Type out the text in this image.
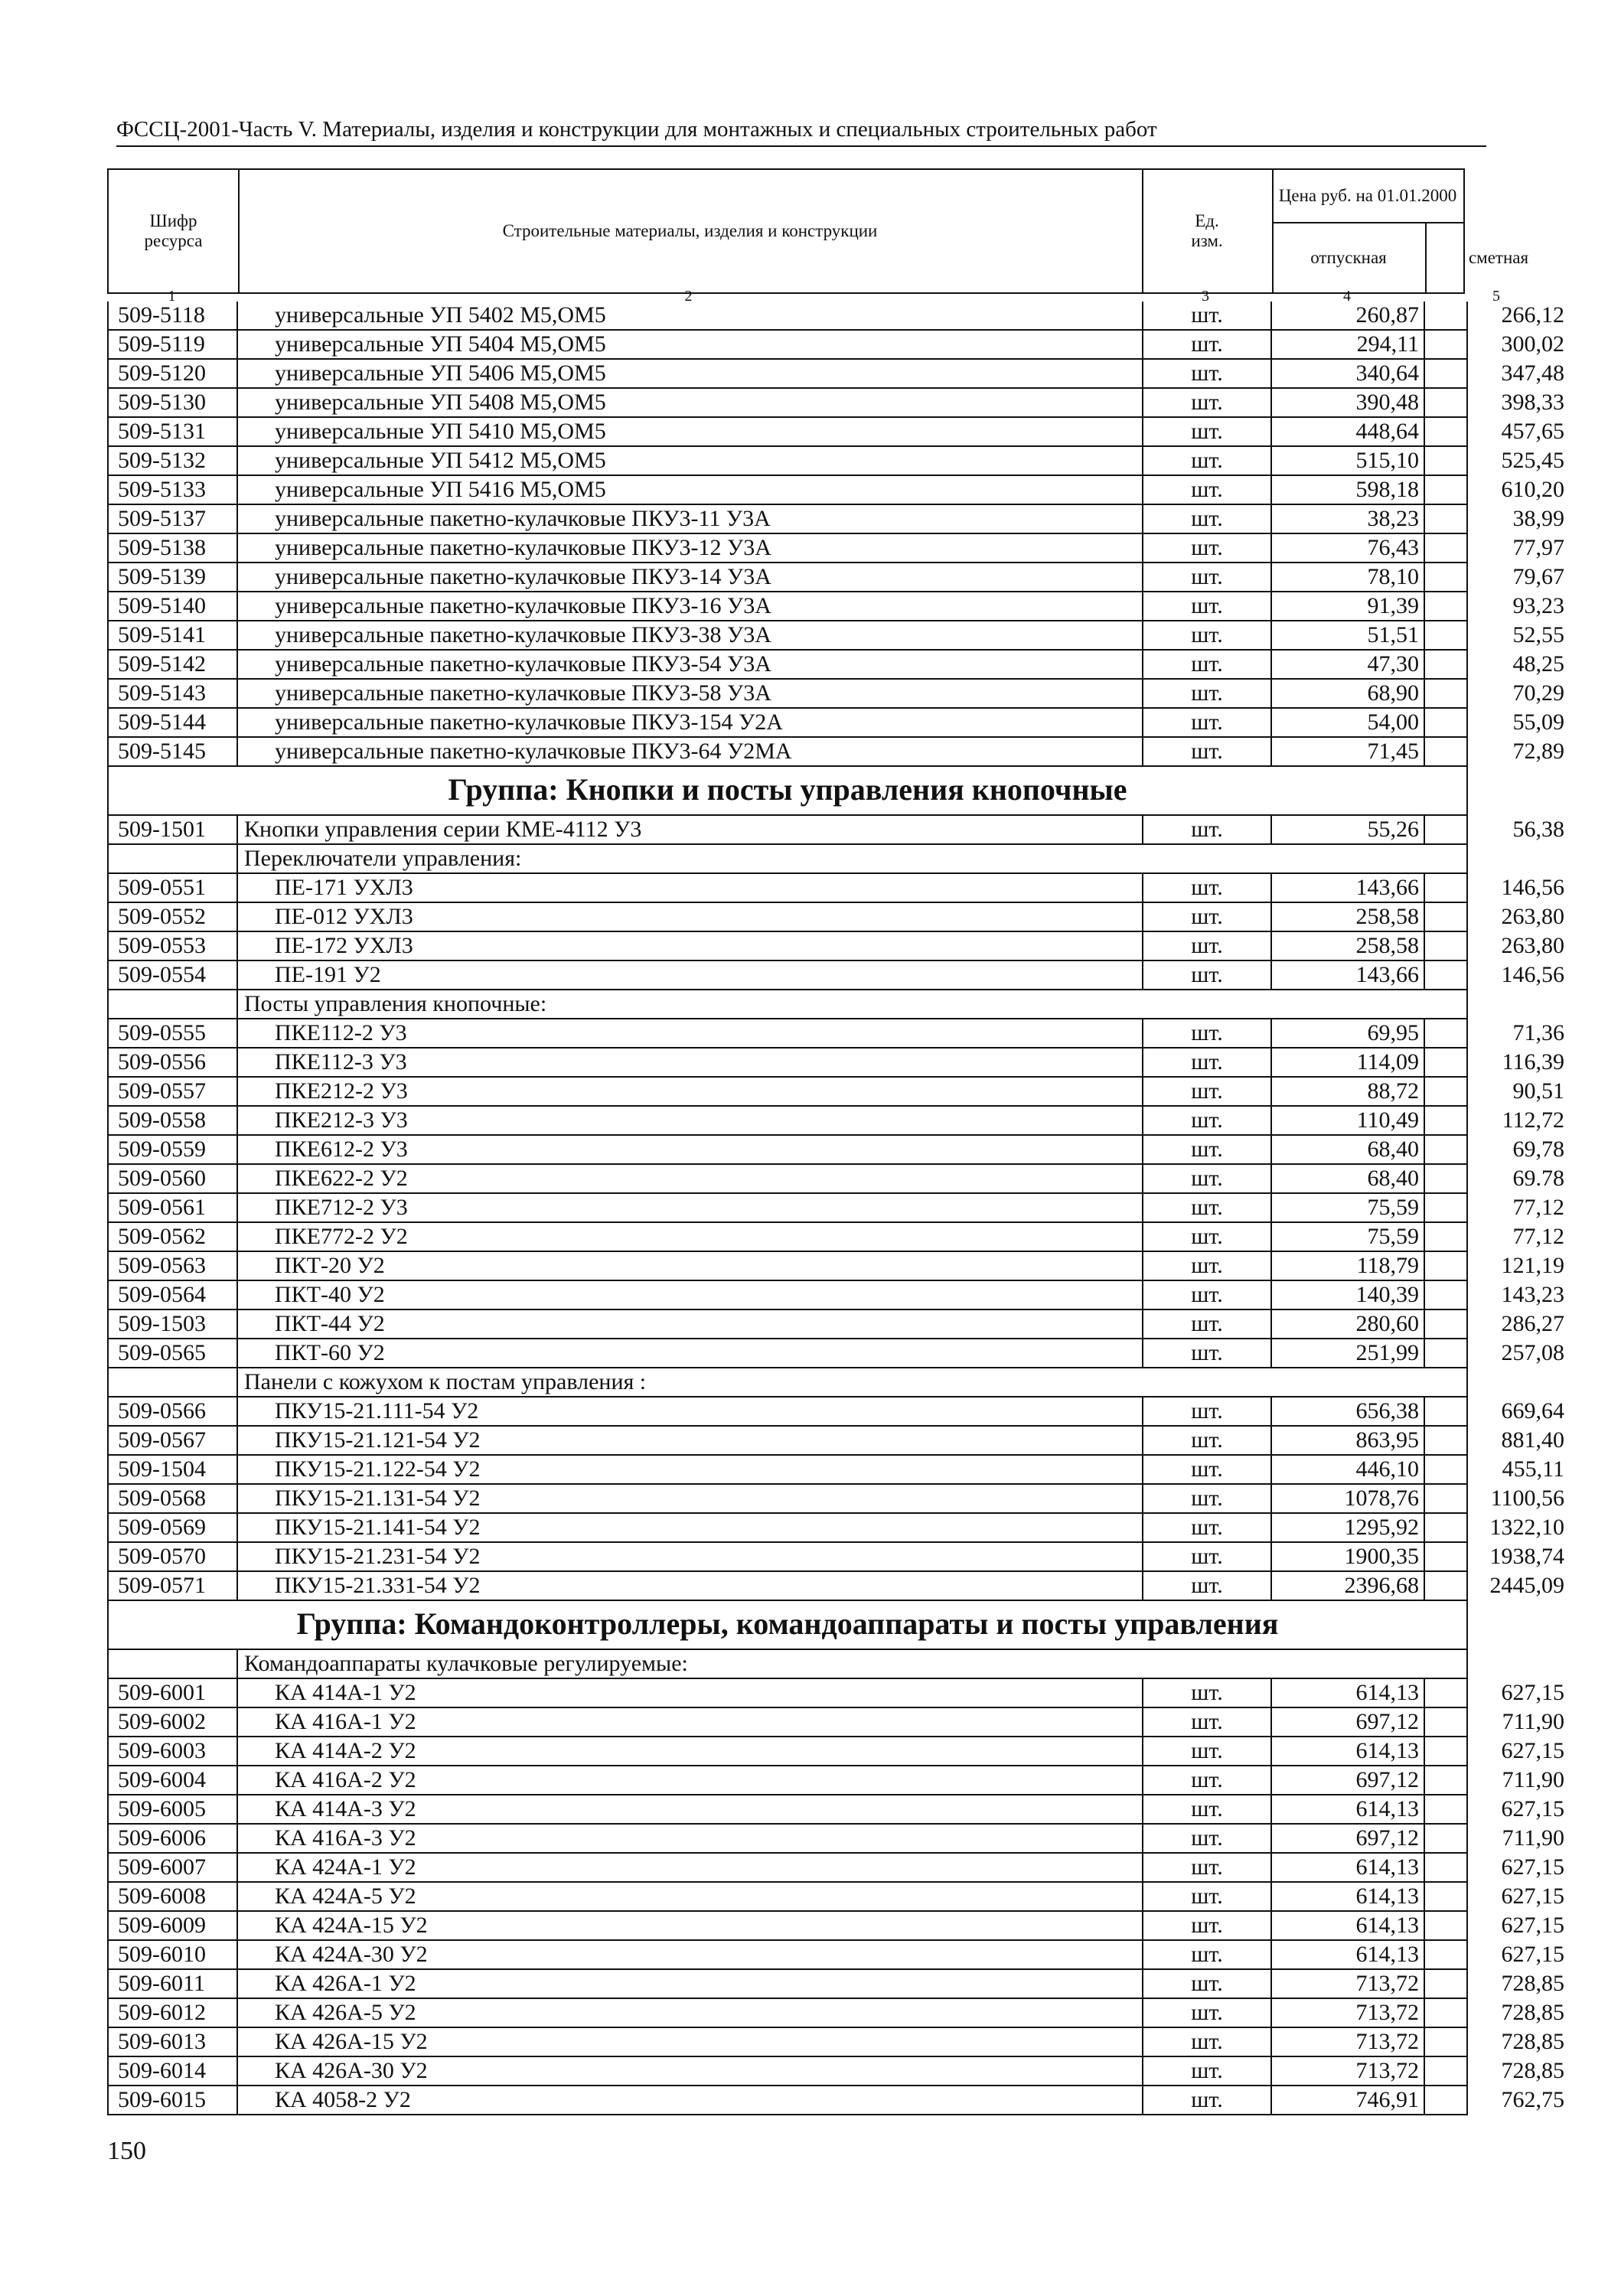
ФССЦ-2001-Часть V. Материалы, изделия и конструкции для монтажных и специальных строительных работ
Шифр ресурса
Строительные материалы, изделия и конструкции
Ед. изм.
Цена руб. на 01.01.2000
отпускная	сметная
1	2	3	4	5
509-5118	универсальные УП 5402 М5,ОМ5	шт.	260,87	266,12
509-5119	универсальные УП 5404 М5,ОМ5	шт.	294,11	300,02
509-5120	универсальные УП 5406 М5,ОМ5	шт.	340,64	347,48
509-5130	универсальные УП 5408 М5,ОМ5	шт.	390,48	398,33
509-5131	универсальные УП 5410 М5,ОМ5	шт.	448,64	457,65
509-5132	универсальные УП 5412 М5,ОМ5	шт.	515,10	525,45
509-5133	универсальные УП 5416 М5,ОМ5	шт.	598,18	610,20
509-5137	универсальные пакетно-кулачковые ПКУ3-11 У3А	шт.	38,23	38,99
509-5138	универсальные пакетно-кулачковые ПКУ3-12 У3А	шт.	76,43	77,97
509-5139	универсальные пакетно-кулачковые ПКУ3-14 У3А	шт.	78,10	79,67
509-5140	универсальные пакетно-кулачковые ПКУ3-16 У3А	шт.	91,39	93,23
509-5141	универсальные пакетно-кулачковые ПКУ3-38 У3А	шт.	51,51	52,55
509-5142	универсальные пакетно-кулачковые ПКУ3-54 У3А	шт.	47,30	48,25
509-5143	универсальные пакетно-кулачковые ПКУ3-58 У3А	шт.	68,90	70,29
509-5144	универсальные пакетно-кулачковые ПКУ3-154 У2А	шт.	54,00	55,09
509-5145	универсальные пакетно-кулачковые ПКУ3-64 У2МА	шт.	71,45	72,89
Группа: Кнопки и посты управления кнопочные
509-1501	Кнопки управления серии КМЕ-4112 У3	шт.	55,26	56,38
Переключатели управления:
509-0551	ПЕ-171 УХЛ3	шт.	143,66	146,56
509-0552	ПЕ-012 УХЛ3	шт.	258,58	263,80
509-0553	ПЕ-172 УХЛ3	шт.	258,58	263,80
509-0554	ПЕ-191 У2	шт.	143,66	146,56
Посты управления кнопочные:
509-0555	ПКЕ112-2 У3	шт.	69,95	71,36
509-0556	ПКЕ112-3 У3	шт.	114,09	116,39
509-0557	ПКЕ212-2 У3	шт.	88,72	90,51
509-0558	ПКЕ212-3 У3	шт.	110,49	112,72
509-0559	ПКЕ612-2 У3	шт.	68,40	69,78
509-0560	ПКЕ622-2 У2	шт.	68,40	69.78
509-0561	ПКЕ712-2 У3	шт.	75,59	77,12
509-0562	ПКЕ772-2 У2	шт.	75,59	77,12
509-0563	ПКТ-20 У2	шт.	118,79	121,19
509-0564	ПКТ-40 У2	шт.	140,39	143,23
509-1503	ПКТ-44 У2	шт.	280,60	286,27
509-0565	ПКТ-60 У2	шт.	251,99	257,08
Панели с кожухом к постам управления :
509-0566	ПКУ15-21.111-54 У2	шт.	656,38	669,64
509-0567	ПКУ15-21.121-54 У2	шт.	863,95	881,40
509-1504	ПКУ15-21.122-54 У2	шт.	446,10	455,11
509-0568	ПКУ15-21.131-54 У2	шт.	1078,76	1100,56
509-0569	ПКУ15-21.141-54 У2	шт.	1295,92	1322,10
509-0570	ПКУ15-21.231-54 У2	шт.	1900,35	1938,74
509-0571	ПКУ15-21.331-54 У2	шт.	2396,68	2445,09
Группа: Командоконтроллеры, командоаппараты и посты управления
Командоаппараты кулачковые регулируемые:
509-6001	КА 414А-1 У2	шт.	614,13	627,15
509-6002	КА 416А-1 У2	шт.	697,12	711,90
509-6003	КА 414А-2 У2	шт.	614,13	627,15
509-6004	КА 416А-2 У2	шт.	697,12	711,90
509-6005	КА 414А-3 У2	шт.	614,13	627,15
509-6006	КА 416А-3 У2	шт.	697,12	711,90
509-6007	КА 424А-1 У2	шт.	614,13	627,15
509-6008	КА 424А-5 У2	шт.	614,13	627,15
509-6009	КА 424А-15 У2	шт.	614,13	627,15
509-6010	КА 424А-30 У2	шт.	614,13	627,15
509-6011	КА 426А-1 У2	шт.	713,72	728,85
509-6012	КА 426А-5 У2	шт.	713,72	728,85
509-6013	КА 426А-15 У2	шт.	713,72	728,85
509-6014	КА 426А-30 У2	шт.	713,72	728,85
509-6015	КА 4058-2 У2	шт.	746,91	762,75
150
